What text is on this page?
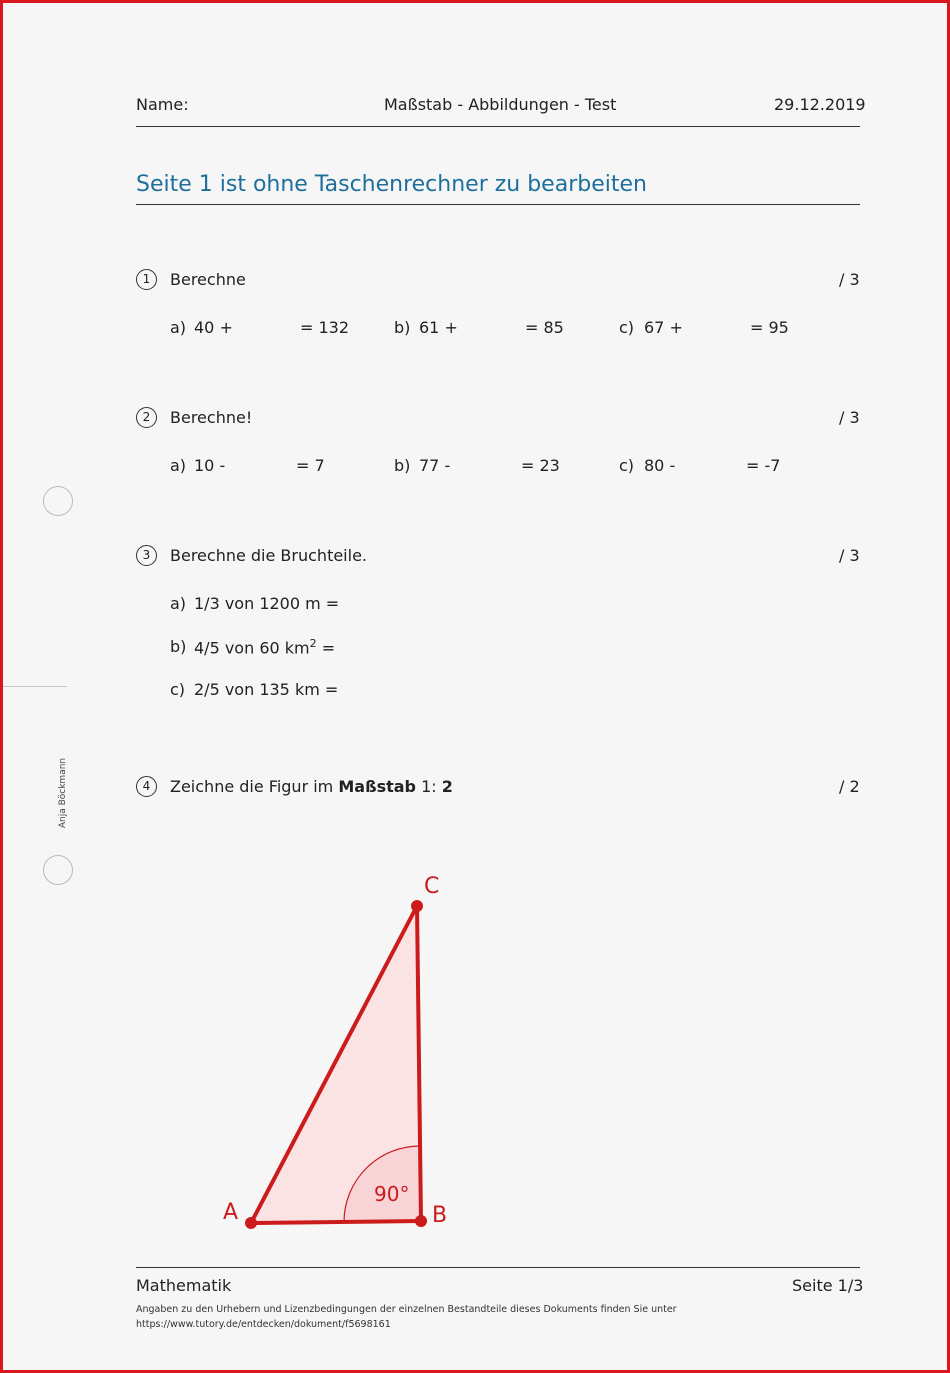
Name:	Maßstab - Abbildungen - Test	29.12.2019
Seite 1 ist ohne Taschenrechner zu bearbeiten
1	Berechne	/ 3
a) 40 +	= 132	b) 61 +	= 85	c) 67 +	= 95
2	Berechne!	/ 3
a) 10 -	= 7	b) 77 -	= 23	c) 80 -	= -7
3	Berechne die Bruchteile.	/ 3
a) 1/3 von 1200 m =
b) 4/5 von 60 $km^2$ =
c) 2/5 von 135 km =
4	Zeichne die Figur im Maßstab 1: 2	/ 2
A	B
C
90°
Anja Böckmann
Mathematik	Seite 1/3
Angaben zu den Urhebern und Lizenzbedingungen der einzelnen Bestandteile dieses Dokuments finden Sie unter
https://www.tutory.de/entdecken/dokument/f5698161
